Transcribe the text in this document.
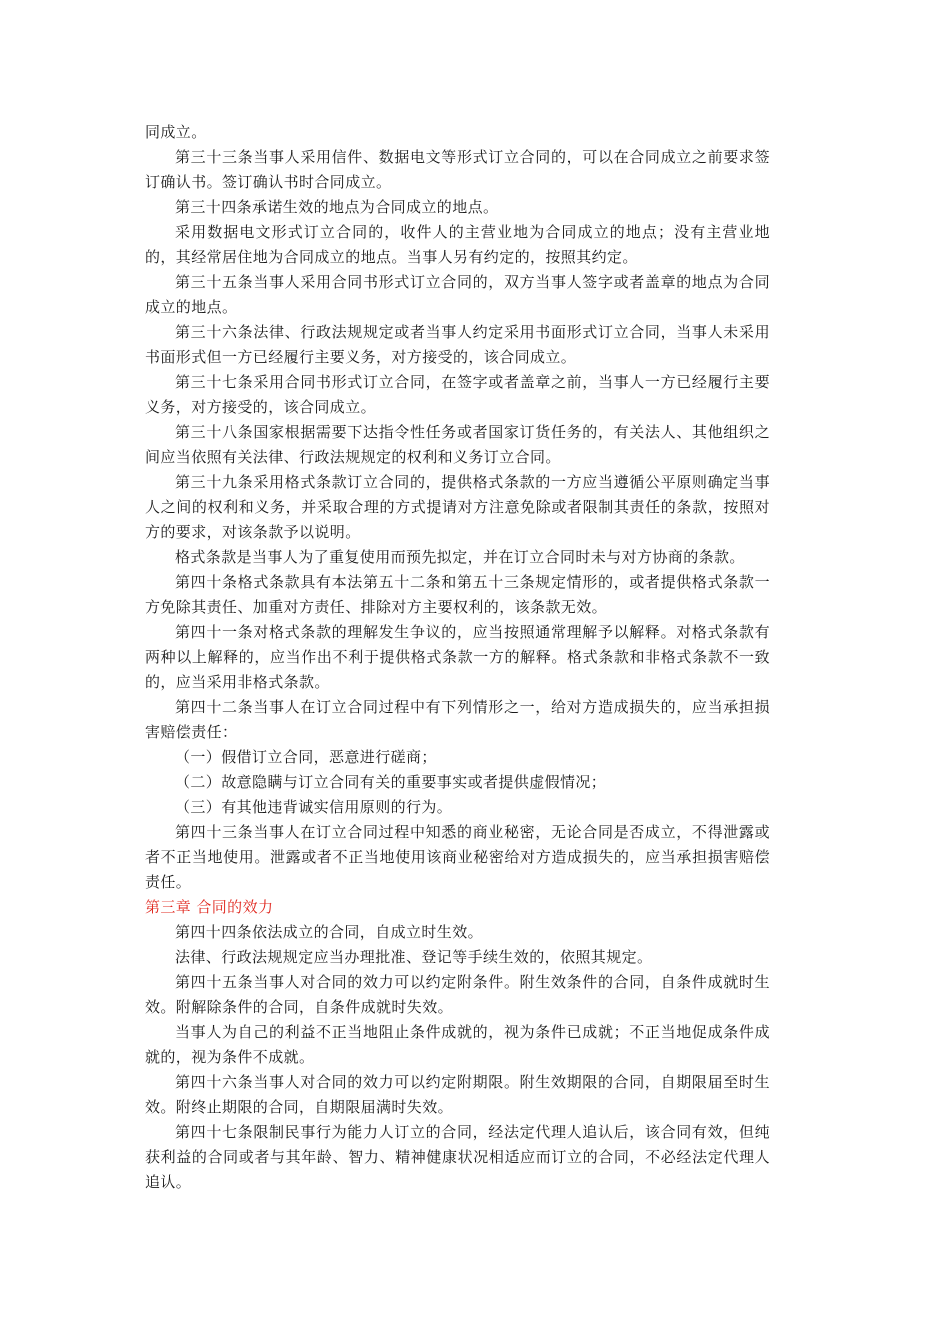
同成立。

第三十三条当事人采用信件、数据电文等形式订立合同的，可以在合同成立之前要求签订确认书。签订确认书时合同成立。

第三十四条承诺生效的地点为合同成立的地点。

采用数据电文形式订立合同的，收件人的主营业地为合同成立的地点；没有主营业地的，其经常居住地为合同成立的地点。当事人另有约定的，按照其约定。

第三十五条当事人采用合同书形式订立合同的，双方当事人签字或者盖章的地点为合同成立的地点。

第三十六条法律、行政法规规定或者当事人约定采用书面形式订立合同，当事人未采用书面形式但一方已经履行主要义务，对方接受的，该合同成立。

第三十七条采用合同书形式订立合同，在签字或者盖章之前，当事人一方已经履行主要义务，对方接受的，该合同成立。

第三十八条国家根据需要下达指令性任务或者国家订货任务的，有关法人、其他组织之间应当依照有关法律、行政法规规定的权利和义务订立合同。

第三十九条采用格式条款订立合同的，提供格式条款的一方应当遵循公平原则确定当事人之间的权利和义务，并采取合理的方式提请对方注意免除或者限制其责任的条款，按照对方的要求，对该条款予以说明。

格式条款是当事人为了重复使用而预先拟定，并在订立合同时未与对方协商的条款。

第四十条格式条款具有本法第五十二条和第五十三条规定情形的，或者提供格式条款一方免除其责任、加重对方责任、排除对方主要权利的，该条款无效。

第四十一条对格式条款的理解发生争议的，应当按照通常理解予以解释。对格式条款有两种以上解释的，应当作出不利于提供格式条款一方的解释。格式条款和非格式条款不一致的，应当采用非格式条款。

第四十二条当事人在订立合同过程中有下列情形之一，给对方造成损失的，应当承担损害赔偿责任：

（一）假借订立合同，恶意进行磋商；

（二）故意隐瞒与订立合同有关的重要事实或者提供虚假情况；

（三）有其他违背诚实信用原则的行为。

第四十三条当事人在订立合同过程中知悉的商业秘密，无论合同是否成立，不得泄露或者不正当地使用。泄露或者不正当地使用该商业秘密给对方造成损失的，应当承担损害赔偿责任。

第三章 合同的效力

第四十四条依法成立的合同，自成立时生效。

法律、行政法规规定应当办理批准、登记等手续生效的，依照其规定。

第四十五条当事人对合同的效力可以约定附条件。附生效条件的合同，自条件成就时生效。附解除条件的合同，自条件成就时失效。

当事人为自己的利益不正当地阻止条件成就的，视为条件已成就；不正当地促成条件成就的，视为条件不成就。

第四十六条当事人对合同的效力可以约定附期限。附生效期限的合同，自期限届至时生效。附终止期限的合同，自期限届满时失效。

第四十七条限制民事行为能力人订立的合同，经法定代理人追认后，该合同有效，但纯获利益的合同或者与其年龄、智力、精神健康状况相适应而订立的合同，不必经法定代理人追认。
